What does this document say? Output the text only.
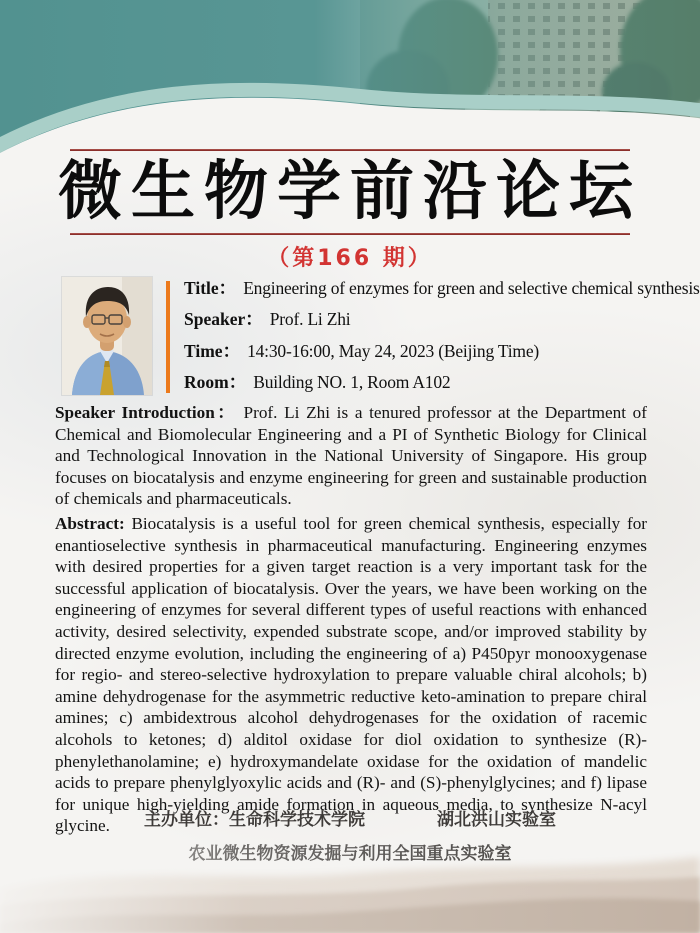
微生物学前沿论坛
（第166 期）
Title： Engineering of enzymes for green and selective chemical synthesis
Speaker： Prof. Li Zhi
Time： 14:30-16:00, May 24, 2023 (Beijing Time)
Room： Building NO. 1, Room A102
Speaker Introduction： Prof. Li Zhi is a tenured professor at the Department of Chemical and Biomolecular Engineering and a PI of Synthetic Biology for Clinical and Technological Innovation in the National University of Singapore. His group focuses on biocatalysis and enzyme engineering for green and sustainable production of chemicals and pharmaceuticals.
Abstract: Biocatalysis is a useful tool for green chemical synthesis, especially for enantioselective synthesis in pharmaceutical manufacturing. Engineering enzymes with desired properties for a given target reaction is a very important task for the successful application of biocatalysis. Over the years, we have been working on the engineering of enzymes for several different types of useful reactions with enhanced activity, desired selectivity, expended substrate scope, and/or improved stability by directed enzyme evolution, including the engineering of a) P450pyr monooxygenase for regio- and stereo-selective hydroxylation to prepare valuable chiral alcohols; b) amine dehydrogenase for the asymmetric reductive keto-amination to prepare chiral amines; c) ambidextrous alcohol dehydrogenases for the oxidation of racemic alcohols to ketones; d) alditol oxidase for diol oxidation to synthesize (R)-phenylethanolamine; e) hydroxymandelate oxidase for the oxidation of mandelic acids to prepare phenylglyoxylic acids and (R)- and (S)-phenylglycines; and f) lipase for unique high-yielding amide formation in aqueous media, to synthesize N-acyl glycine.	主办单位：生命科学技术学院	湖北洪山实验室
